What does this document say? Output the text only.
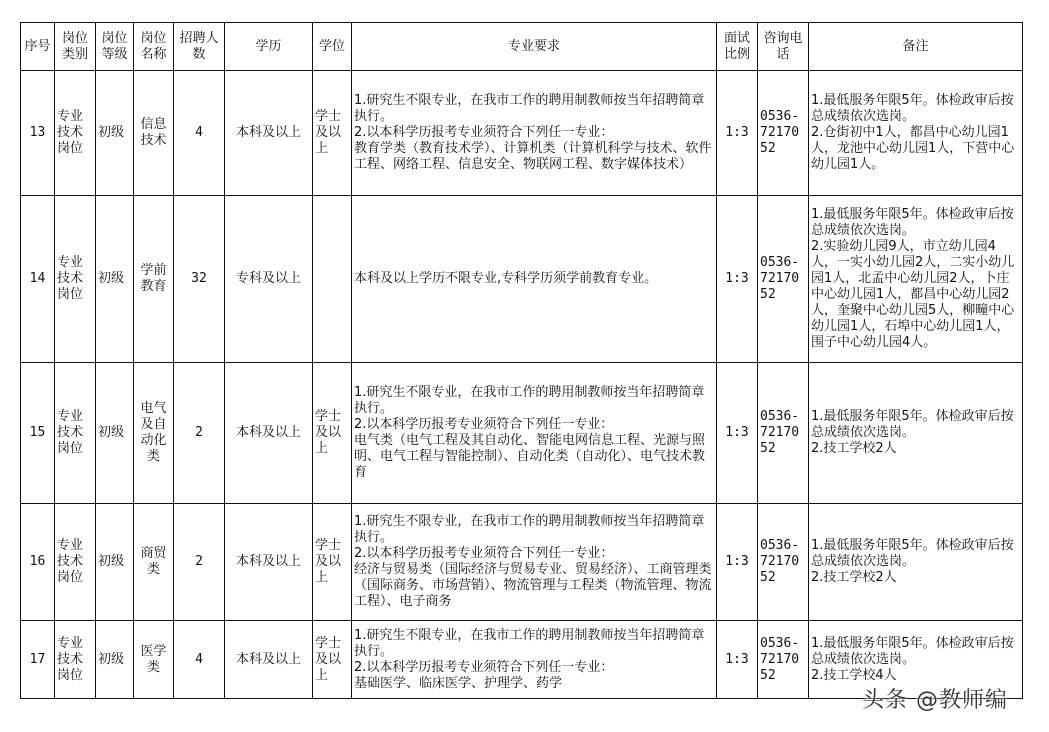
序号	岗位类别	岗位等级	岗位名称	招聘人数	学历	学位	专业要求	面试比例	咨询电话	备注
13	专业技术岗位	初级	信息技术	4	本科及以上	学士及以上	1.研究生不限专业，在我市工作的聘用制教师按当年招聘简章执行。
2.以本科学历报考专业须符合下列任一专业：
教育学类（教育技术学）、计算机类（计算机科学与技术、软件工程、网络工程、信息安全、物联网工程、数字媒体技术）	1:3	0536-7217052	1.最低服务年限5年。体检政审后按总成绩依次选岗。
2.仓街初中1人，都昌中心幼儿园1人，龙池中心幼儿园1人，下营中心幼儿园1人。

14	专业技术岗位	初级	学前教育	32	专科及以上		本科及以上学历不限专业,专科学历须学前教育专业。	1:3	0536-7217052	1.最低服务年限5年。体检政审后按总成绩依次选岗。
2.实验幼儿园9人，市立幼儿园4人，一实小幼儿园2人，二实小幼儿园1人，北孟中心幼儿园2人，卜庄中心幼儿园1人，都昌中心幼儿园2人，奎聚中心幼儿园5人，柳疃中心幼儿园1人，石埠中心幼儿园1人，围子中心幼儿园4人。

15	专业技术岗位	初级	电气及自动化类	2	本科及以上	学士及以上	1.研究生不限专业，在我市工作的聘用制教师按当年招聘简章执行。
2.以本科学历报考专业须符合下列任一专业：
电气类（电气工程及其自动化、智能电网信息工程、光源与照明、电气工程与智能控制）、自动化类（自动化）、电气技术教育	1:3	0536-7217052	1.最低服务年限5年。体检政审后按总成绩依次选岗。
2.技工学校2人

16	专业技术岗位	初级	商贸类	2	本科及以上	学士及以上	1.研究生不限专业，在我市工作的聘用制教师按当年招聘简章执行。
2.以本科学历报考专业须符合下列任一专业：
经济与贸易类（国际经济与贸易专业、贸易经济）、工商管理类（国际商务、市场营销）、物流管理与工程类（物流管理、物流工程）、电子商务	1:3	0536-7217052	1.最低服务年限5年。体检政审后按总成绩依次选岗。
2.技工学校2人

17	专业技术岗位	初级	医学类	4	本科及以上	学士及以上	1.研究生不限专业，在我市工作的聘用制教师按当年招聘简章执行。
2.以本科学历报考专业须符合下列任一专业：
基础医学、临床医学、护理学、药学	1:3	0536-7217052	1.最低服务年限5年。体检政审后按总成绩依次选岗。
2.技工学校4人
头条 @教师编
